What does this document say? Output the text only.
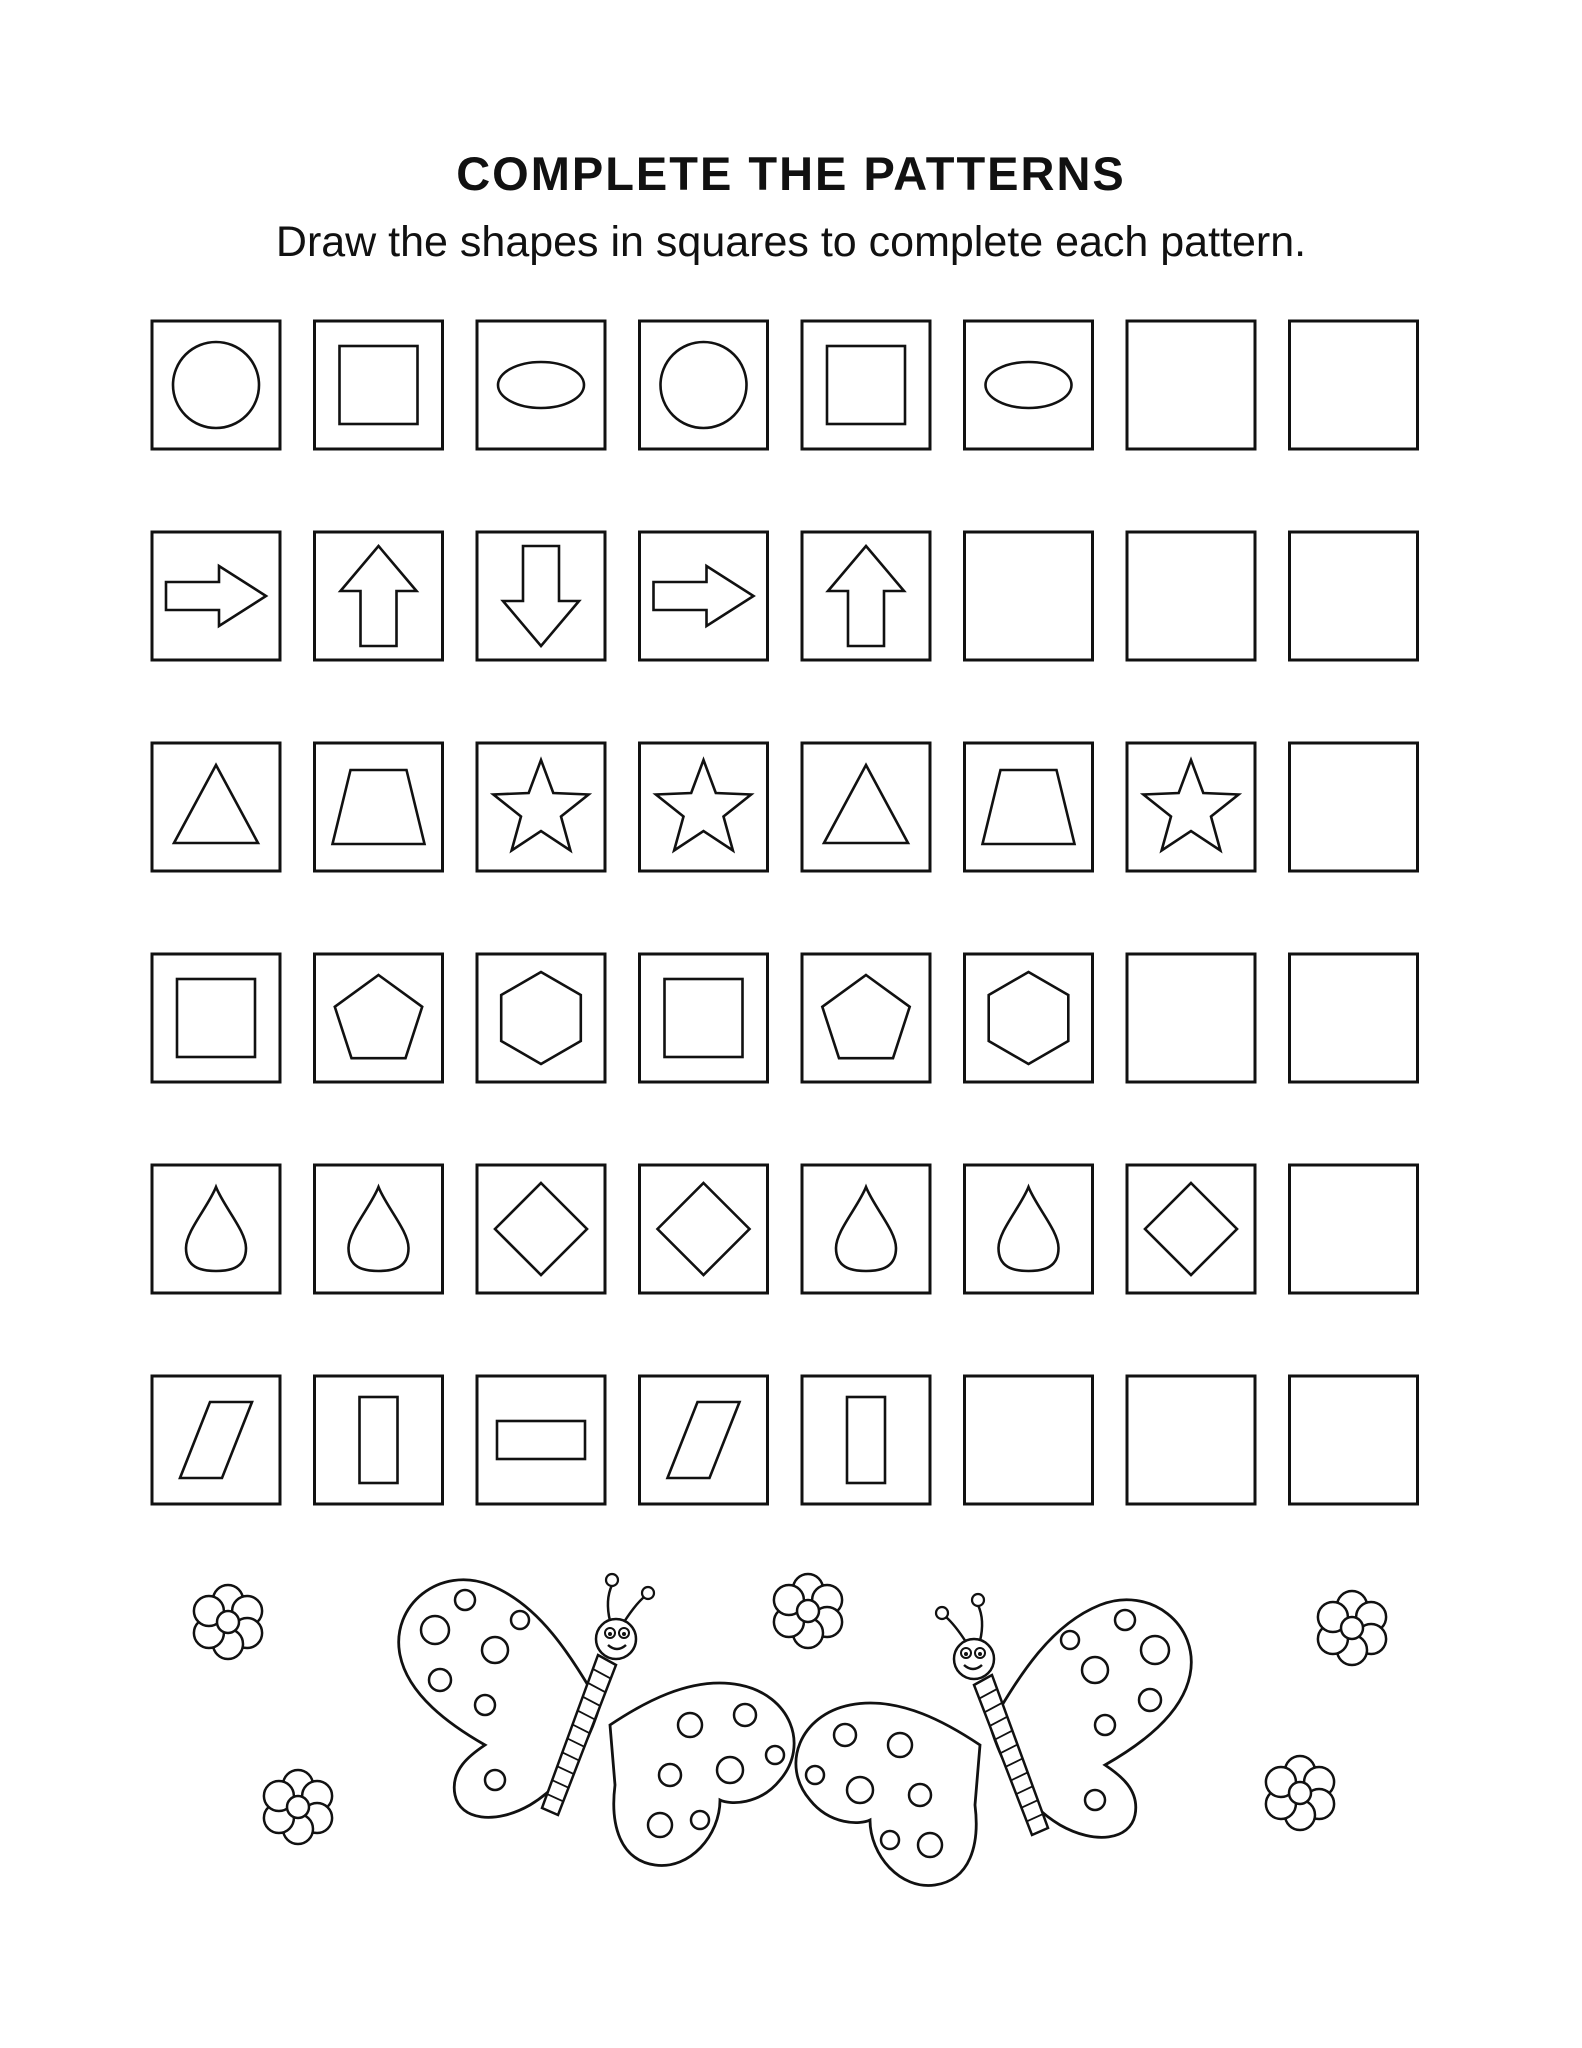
COMPLETE THE PATTERNS
Draw the shapes in squares to complete each pattern.
